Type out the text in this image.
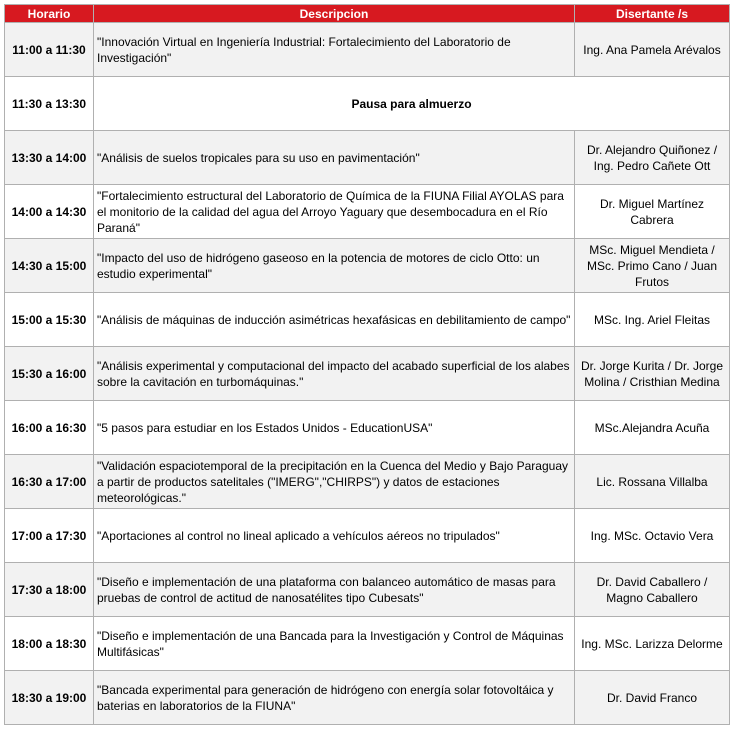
Horario	Descripcion	Disertante /s
11:00 a 11:30	"Innovación Virtual en Ingeniería Industrial: Fortalecimiento del Laboratorio de Investigación"	Ing. Ana Pamela Arévalos
11:30 a 13:30	Pausa para almuerzo	
13:30 a 14:00	"Análisis de suelos tropicales para su uso en pavimentación"	Dr. Alejandro Quiñonez / Ing. Pedro Cañete Ott
14:00 a 14:30	"Fortalecimiento estructural del Laboratorio de Química de la FIUNA Filial AYOLAS para el monitorio de la calidad del agua del Arroyo Yaguary que desembocadura en el Río Paraná"	Dr. Miguel Martínez Cabrera
14:30 a 15:00	"Impacto del uso de hidrógeno gaseoso en la potencia de motores de ciclo Otto: un estudio experimental"	MSc. Miguel Mendieta / MSc. Primo Cano / Juan Frutos
15:00 a 15:30	"Análisis de máquinas de inducción asimétricas hexafásicas en debilitamiento de campo"	MSc. Ing. Ariel Fleitas
15:30 a 16:00	"Análisis experimental y computacional del impacto del acabado superficial de los alabes sobre la cavitación en turbomáquinas."	Dr. Jorge Kurita / Dr. Jorge Molina / Cristhian Medina
16:00 a 16:30	"5 pasos para estudiar en los Estados Unidos - EducationUSA"	MSc.Alejandra Acuña
16:30 a 17:00	"Validación espaciotemporal de la precipitación en la Cuenca del Medio y Bajo Paraguay a partir de productos satelitales ("IMERG","CHIRPS") y datos de estaciones meteorológicas."	Lic. Rossana Villalba
17:00 a 17:30	"Aportaciones al control no lineal aplicado a vehículos aéreos no tripulados"	Ing. MSc. Octavio Vera
17:30 a 18:00	"Diseño e implementación de una plataforma con balanceo automático de masas para pruebas de control de actitud de nanosatélites tipo Cubesats"	Dr. David Caballero / Magno Caballero
18:00 a 18:30	"Diseño e implementación de una Bancada para la Investigación y Control de Máquinas Multifásicas"	Ing. MSc. Larizza Delorme
18:30 a 19:00	"Bancada experimental para generación de hidrógeno con energía solar fotovoltáica y baterias en laboratorios de la FIUNA"	Dr. David Franco
